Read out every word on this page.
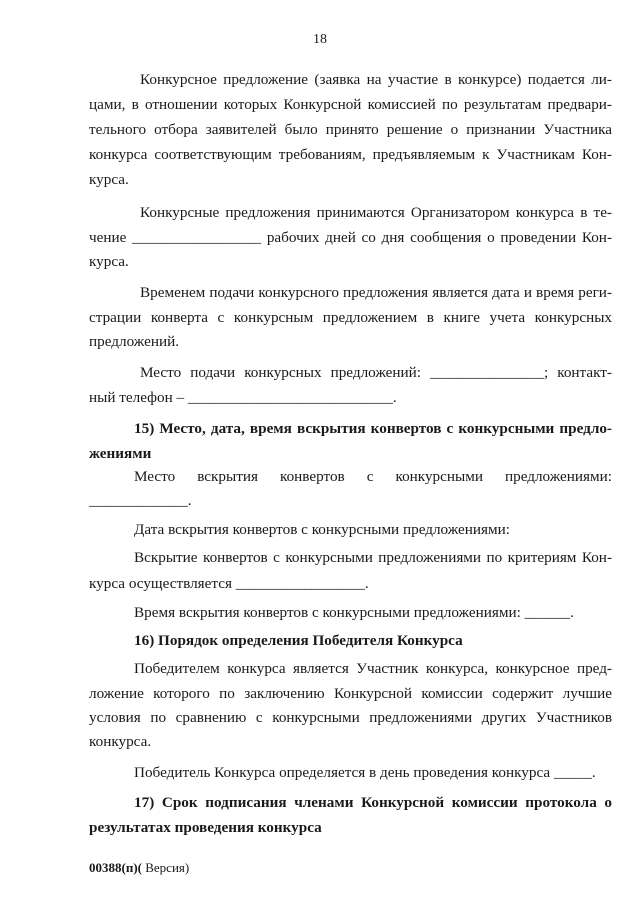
18
Конкурсное предложение (заявка на участие в конкурсе) подается ли-
цами, в отношении которых Конкурсной комиссией по результатам предвари-
тельного отбора заявителей было принято решение о признании Участника
конкурса соответствующим требованиям, предъявляемым к Участникам Кон-
курса.
Конкурсные предложения принимаются Организатором конкурса в те-
чение _________________ рабочих дней со дня сообщения о проведении Кон-
курса.
Временем подачи конкурсного предложения является дата и время реги-
страции конверта с конкурсным предложением в книге учета конкурсных
предложений.
Место подачи конкурсных предложений: _______________; контакт-
ный телефон – ___________________________.
15) Место, дата, время вскрытия конвертов с конкурсными предло-
жениями
Место вскрытия конвертов с конкурсными предложениями:
_____________.
Дата вскрытия конвертов с конкурсными предложениями:
Вскрытие конвертов с конкурсными предложениями по критериям Кон-
курса осуществляется _________________.
Время вскрытия конвертов с конкурсными предложениями: ______.
16) Порядок определения Победителя Конкурса
Победителем конкурса является Участник конкурса, конкурсное пред-
ложение которого по заключению Конкурсной комиссии содержит лучшие
условия по сравнению с конкурсными предложениями других Участников
конкурса.
Победитель Конкурса определяется в день проведения конкурса _____.
17) Срок подписания членами Конкурсной комиссии протокола о
результатах проведения конкурса
00388(п)( Версия)
